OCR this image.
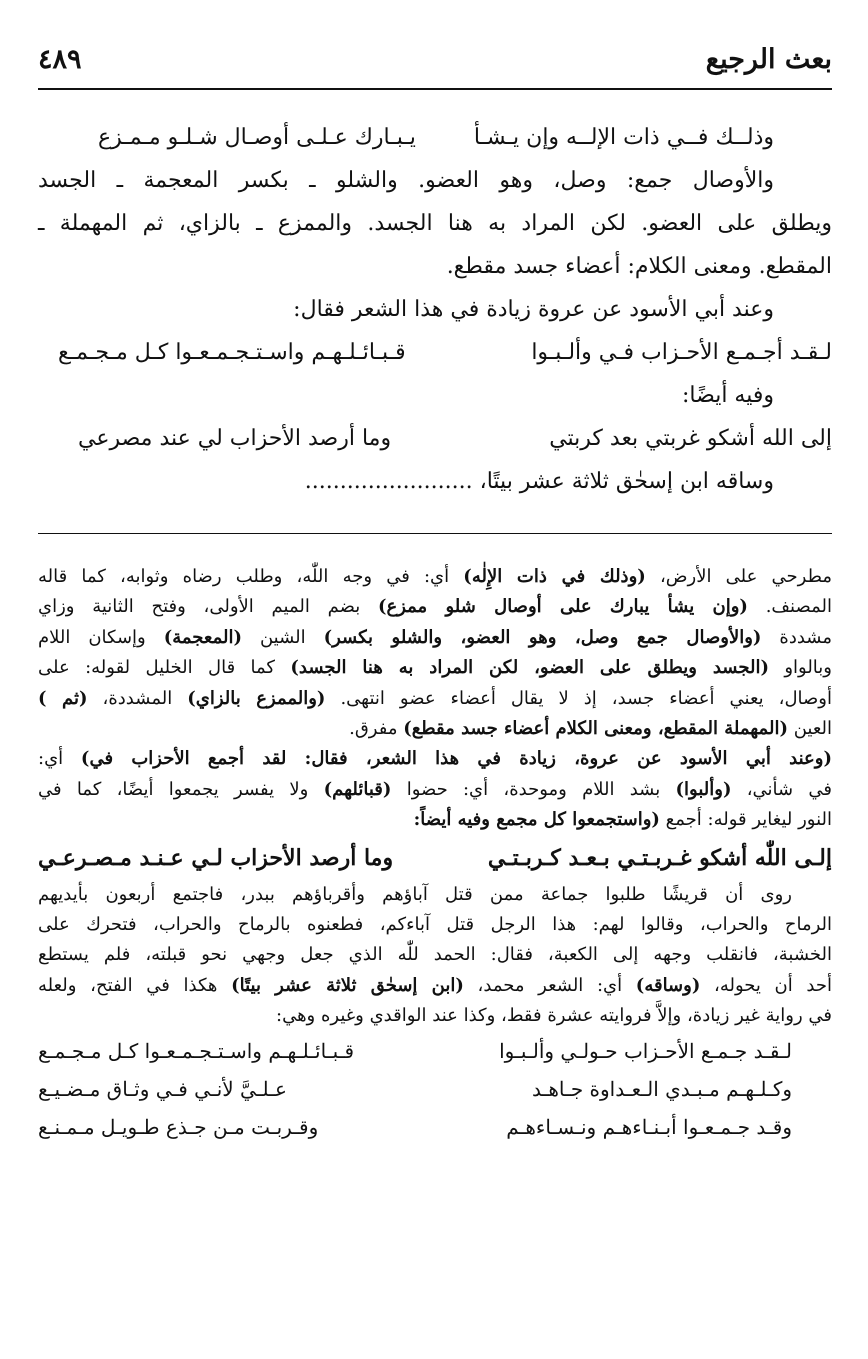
بعث الرجيع
٤٨٩
وذلــك فــي ذات الإلــه وإن يـشـأ
يـبـارك عـلـى أوصـال شـلـو مـمـزع
والأوصال جمع: وصل، وهو العضو. والشلو ـ بكسر المعجمة ـ الجسد
ويطلق على العضو. لكن المراد به هنا الجسد. والممزع ـ بالزاي، ثم المهملة ـ
المقطع. ومعنى الكلام: أعضاء جسد مقطع.
وعند أبي الأسود عن عروة زيادة في هذا الشعر فقال:
لـقـد أجـمـع الأحـزاب فـي وألـبـوا
قـبـائـلـهـم واسـتـجـمـعـوا كـل مـجـمـع
وفيه أيضًا:
إلى الله أشكو غربتي بعد كربتي
وما أرصد الأحزاب لي عند مصرعي
وساقه ابن إسحٰق ثلاثة عشر بيتًا، ........................
مطرحي على الأرض، (وذلك في ذات الإِلٰه) أي: في وجه اللّٰه، وطلب رضاه وثوابه، كما قاله
المصنف. (وإن يشأ يبارك على أوصال شلو ممزع) بضم الميم الأولى، وفتح الثانية وزاي
مشددة (والأوصال جمع وصل، وهو العضو، والشلو بكسر) الشين (المعجمة) وإسكان اللام
وبالواو (الجسد ويطلق على العضو، لكن المراد به هنا الجسد) كما قال الخليل لقوله: على
أوصال، يعني أعضاء جسد، إذ لا يقال أعضاء عضو انتهى. (والممزع بالزاي) المشددة، (ثم )
العين (المهملة المقطع، ومعنى الكلام أعضاء جسد مقطع) مفرق.
(وعند أبي الأسود عن عروة، زيادة في هذا الشعر، فقال: لقد أجمع الأحزاب في) أي:
في شأني، (وألبوا) بشد اللام وموحدة، أي: حضوا (قبائلهم) ولا يفسر يجمعوا أيضًا، كما في
النور ليغاير قوله: أجمع (واستجمعوا كل مجمع وفيه أيضاً:
إلـى اللّٰه أشكو غـربـتـي بـعـد كـربـتـي
وما أرصد الأحزاب لـي عـنـد مـصـرعـي
روى أن قريشًا طلبوا جماعة ممن قتل آباؤهم وأقرباؤهم ببدر، فاجتمع أربعون بأيديهم
الرماح والحراب، وقالوا لهم: هذا الرجل قتل آباءكم، فطعنوه بالرماح والحراب، فتحرك على
الخشبة، فانقلب وجهه إلى الكعبة، فقال: الحمد للّٰه الذي جعل وجهي نحو قبلته، فلم يستطع
أحد أن يحوله، (وساقه) أي: الشعر محمد، (ابن إسحٰق ثلاثة عشر بيتًا) هكذا في الفتح، ولعله
في رواية غير زيادة، وإلاَّ فروايته عشرة فقط، وكذا عند الواقدي وغيره وهي:
لـقـد جـمـع الأحـزاب حـولـي وألـبـوا
قـبـائـلـهـم واسـتـجـمـعـوا كـل مـجـمـع
وكـلـهـم مـبـدي الـعـداوة جـاهـد
عـلـيَّ لأنـي فـي وثـاق مـضـيـع
وقـد جـمـعـوا أبـنـاءهـم ونـسـاءهـم
وقـربـت مـن جـذع طـويـل مـمـنـع
